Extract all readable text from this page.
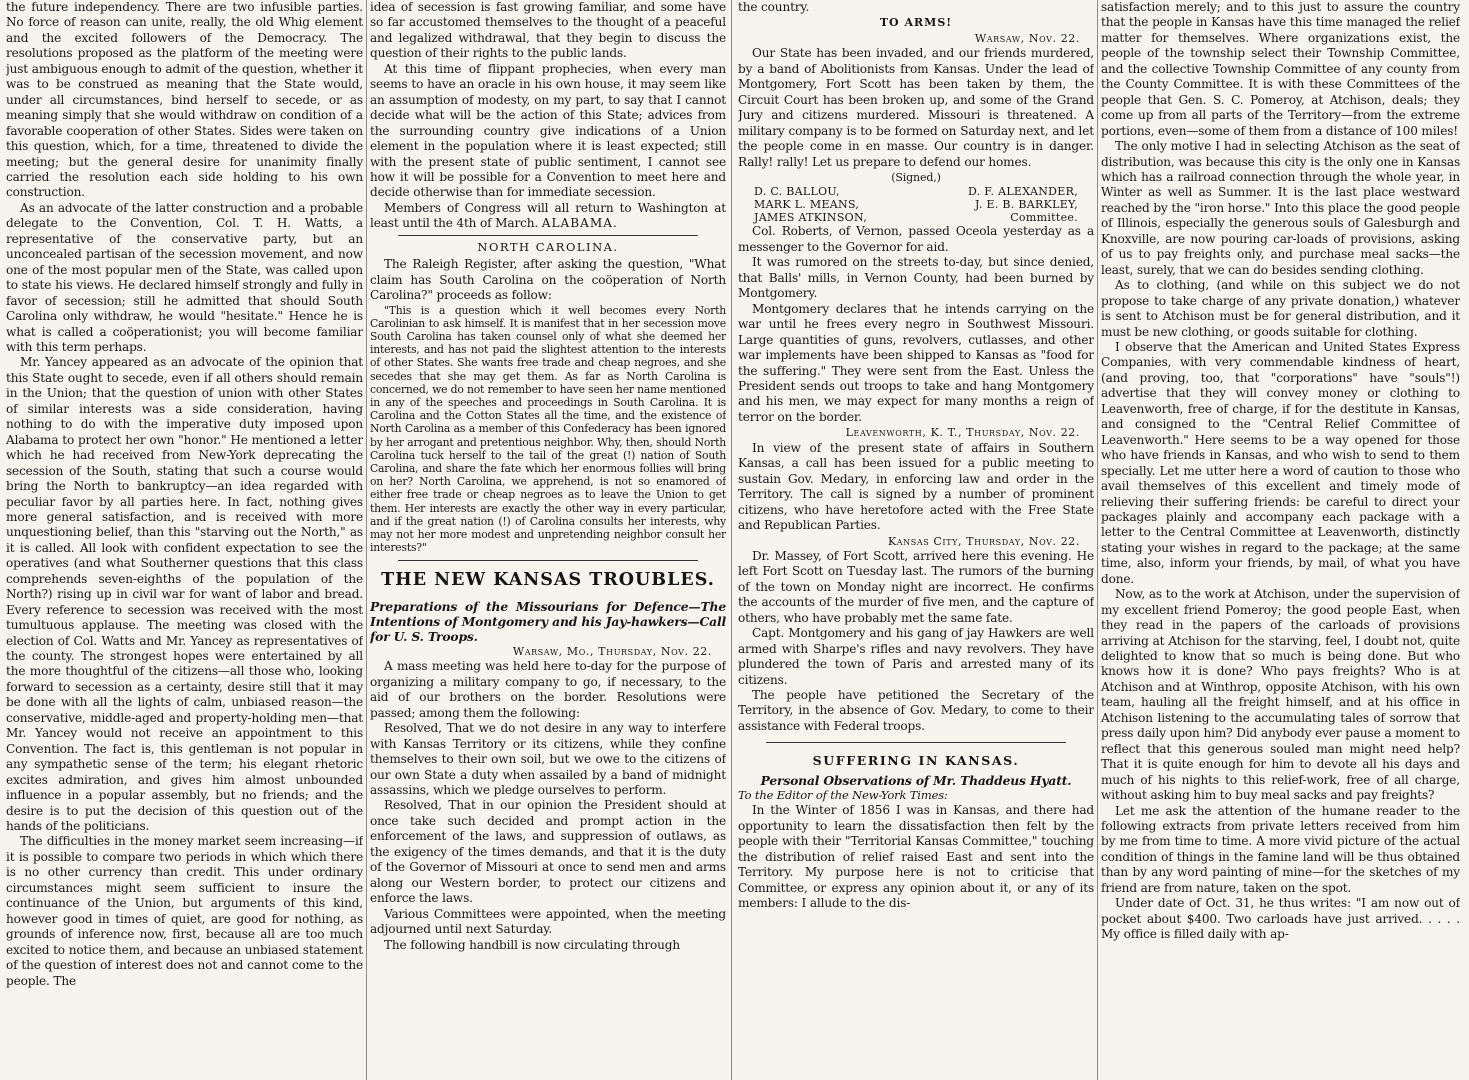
the future independency. There are two infusible parties. No force of reason can unite, really, the old Whig element and the excited followers of the Democracy. The resolutions proposed as the platform of the meeting were just ambiguous enough to admit of the question, whether it was to be construed as meaning that the State would, under all circumstances, bind herself to secede, or as meaning simply that she would withdraw on condition of a favorable cooperation of other States. Sides were taken on this question, which, for a time, threatened to divide the meeting; but the general desire for unanimity finally carried the resolution each side holding to his own construction.

As an advocate of the latter construction and a probable delegate to the Convention, Col. T. H. Watts, a representative of the conservative party, but an unconcealed partisan of the secession movement, and now one of the most popular men of the State, was called upon to state his views. He declared himself strongly and fully in favor of secession; still he admitted that should South Carolina only withdraw, he would "hesitate." Hence he is what is called a coöperationist; you will become familiar with this term perhaps.

Mr. Yancey appeared as an advocate of the opinion that this State ought to secede, even if all others should remain in the Union; that the question of union with other States of similar interests was a side consideration, having nothing to do with the imperative duty imposed upon Alabama to protect her own "honor." He mentioned a letter which he had received from New-York deprecating the secession of the South, stating that such a course would bring the North to bankruptcy—an idea regarded with peculiar favor by all parties here. In fact, nothing gives more general satisfaction, and is received with more unquestioning belief, than this "starving out the North," as it is called. All look with confident expectation to see the operatives (and what Southerner questions that this class comprehends seven-eighths of the population of the North?) rising up in civil war for want of labor and bread. Every reference to secession was received with the most tumultuous applause. The meeting was closed with the election of Col. Watts and Mr. Yancey as representatives of the county. The strongest hopes were entertained by all the more thoughtful of the citizens—all those who, looking forward to secession as a certainty, desire still that it may be done with all the lights of calm, unbiased reason—the conservative, middle-aged and property-holding men—that Mr. Yancey would not receive an appointment to this Convention. The fact is, this gentleman is not popular in any sympathetic sense of the term; his elegant rhetoric excites admiration, and gives him almost unbounded influence in a popular assembly, but no friends; and the desire is to put the decision of this question out of the hands of the politicians.

The difficulties in the money market seem increasing—if it is possible to compare two periods in which which there is no other currency than credit. This under ordinary circumstances might seem sufficient to insure the continuance of the Union, but arguments of this kind, however good in times of quiet, are good for nothing, as grounds of inference now, first, because all are too much excited to notice them, and because an unbiased statement of the question of interest does not and cannot come to the people. The

idea of secession is fast growing familiar, and some have so far accustomed themselves to the thought of a peaceful and legalized withdrawal, that they begin to discuss the question of their rights to the public lands.

At this time of flippant prophecies, when every man seems to have an oracle in his own house, it may seem like an assumption of modesty, on my part, to say that I cannot decide what will be the action of this State; advices from the surrounding country give indications of a Union element in the population where it is least expected; still with the present state of public sentiment, I cannot see how it will be possible for a Convention to meet here and decide otherwise than for immediate secession.

Members of Congress will all return to Washington at least until the 4th of March. ALABAMA.

NORTH CAROLINA.

The Raleigh Register, after asking the question, "What claim has South Carolina on the coöperation of North Carolina?" proceeds as follow:

"This is a question which it well becomes every North Carolinian to ask himself. It is manifest that in her secession move South Carolina has taken counsel only of what she deemed her interests, and has not paid the slightest attention to the interests of other States. She wants free trade and cheap negroes, and she secedes that she may get them. As far as North Carolina is concerned, we do not remember to have seen her name mentioned in any of the speeches and proceedings in South Carolina. It is Carolina and the Cotton States all the time, and the existence of North Carolina as a member of this Confederacy has been ignored by her arrogant and pretentious neighbor. Why, then, should North Carolina tuck herself to the tail of the great (!) nation of South Carolina, and share the fate which her enormous follies will bring on her? North Carolina, we apprehend, is not so enamored of either free trade or cheap negroes as to leave the Union to get them. Her interests are exactly the other way in every particular, and if the great nation (!) of Carolina consults her interests, why may not her more modest and unpretending neighbor consult her interests?"

THE NEW KANSAS TROUBLES.
Preparations of the Missourians for Defence—The Intentions of Montgomery and his Jay-hawkers—Call for U. S. Troops.
Warsaw, Mo., Thursday, Nov. 22.

A mass meeting was held here to-day for the purpose of organizing a military company to go, if necessary, to the aid of our brothers on the border. Resolutions were passed; among them the following:

Resolved, That we do not desire in any way to interfere with Kansas Territory or its citizens, while they confine themselves to their own soil, but we owe to the citizens of our own State a duty when assailed by a band of midnight assassins, which we pledge ourselves to perform.

Resolved, That in our opinion the President should at once take such decided and prompt action in the enforcement of the laws, and suppression of outlaws, as the exigency of the times demands, and that it is the duty of the Governor of Missouri at once to send men and arms along our Western border, to protect our citizens and enforce the laws.

Various Committees were appointed, when the meeting adjourned until next Saturday.

The following handbill is now circulating through

the country.

TO ARMS!
Warsaw, Nov. 22.

Our State has been invaded, and our friends murdered, by a band of Abolitionists from Kansas. Under the lead of Montgomery, Fort Scott has been taken by them, the Circuit Court has been broken up, and some of the Grand Jury and citizens murdered. Missouri is threatened. A military company is to be formed on Saturday next, and let the people come in en masse. Our country is in danger. Rally! rally! Let us prepare to defend our homes.

(Signed,)
D. C. BALLOU,
MARK L. MEANS,
JAMES ATKINSON,
D. F. ALEXANDER,
J. E. B. BARKLEY,
Committee.

Col. Roberts, of Vernon, passed Oceola yesterday as a messenger to the Governor for aid.

It was rumored on the streets to-day, but since denied, that Balls' mills, in Vernon County, had been burned by Montgomery.

Montgomery declares that he intends carrying on the war until he frees every negro in Southwest Missouri. Large quantities of guns, revolvers, cutlasses, and other war implements have been shipped to Kansas as "food for the suffering." They were sent from the East. Unless the President sends out troops to take and hang Montgomery and his men, we may expect for many months a reign of terror on the border.

Leavenworth, K. T., Thursday, Nov. 22.

In view of the present state of affairs in Southern Kansas, a call has been issued for a public meeting to sustain Gov. Medary, in enforcing law and order in the Territory. The call is signed by a number of prominent citizens, who have heretofore acted with the Free State and Republican Parties.

Kansas City, Thursday, Nov. 22.

Dr. Massey, of Fort Scott, arrived here this evening. He left Fort Scott on Tuesday last. The rumors of the burning of the town on Monday night are incorrect. He confirms the accounts of the murder of five men, and the capture of others, who have probably met the same fate.

Capt. Montgomery and his gang of jay Hawkers are well armed with Sharpe's rifles and navy revolvers. They have plundered the town of Paris and arrested many of its citizens.

The people have petitioned the Secretary of the Territory, in the absence of Gov. Medary, to come to their assistance with Federal troops.

SUFFERING IN KANSAS.
Personal Observations of Mr. Thaddeus Hyatt.
To the Editor of the New-York Times:

In the Winter of 1856 I was in Kansas, and there had opportunity to learn the dissatisfaction then felt by the people with their "Territorial Kansas Committee," touching the distribution of relief raised East and sent into the Territory. My purpose here is not to criticise that Committee, or express any opinion about it, or any of its members: I allude to the dis-

satisfaction merely; and to this just to assure the country that the people in Kansas have this time managed the relief matter for themselves. Where organizations exist, the people of the township select their Township Committee, and the collective Township Committee of any county from the County Committee. It is with these Committees of the people that Gen. S. C. Pomeroy, at Atchison, deals; they come up from all parts of the Territory—from the extreme portions, even—some of them from a distance of 100 miles!

The only motive I had in selecting Atchison as the seat of distribution, was because this city is the only one in Kansas which has a railroad connection through the whole year, in Winter as well as Summer. It is the last place westward reached by the "iron horse." Into this place the good people of Illinois, especially the generous souls of Galesburgh and Knoxville, are now pouring car-loads of provisions, asking of us to pay freights only, and purchase meal sacks—the least, surely, that we can do besides sending clothing.

As to clothing, (and while on this subject we do not propose to take charge of any private donation,) whatever is sent to Atchison must be for general distribution, and it must be new clothing, or goods suitable for clothing.

I observe that the American and United States Express Companies, with very commendable kindness of heart, (and proving, too, that "corporations" have "souls"!) advertise that they will convey money or clothing to Leavenworth, free of charge, if for the destitute in Kansas, and consigned to the "Central Relief Committee of Leavenworth." Here seems to be a way opened for those who have friends in Kansas, and who wish to send to them specially. Let me utter here a word of caution to those who avail themselves of this excellent and timely mode of relieving their suffering friends: be careful to direct your packages plainly and accompany each package with a letter to the Central Committee at Leavenworth, distinctly stating your wishes in regard to the package; at the same time, also, inform your friends, by mail, of what you have done.

Now, as to the work at Atchison, under the supervision of my excellent friend Pomeroy; the good people East, when they read in the papers of the carloads of provisions arriving at Atchison for the starving, feel, I doubt not, quite delighted to know that so much is being done. But who knows how it is done? Who pays freights? Who is at Atchison and at Winthrop, opposite Atchison, with his own team, hauling all the freight himself, and at his office in Atchison listening to the accumulating tales of sorrow that press daily upon him? Did anybody ever pause a moment to reflect that this generous souled man might need help? That it is quite enough for him to devote all his days and much of his nights to this relief-work, free of all charge, without asking him to buy meal sacks and pay freights?

Let me ask the attention of the humane reader to the following extracts from private letters received from him by me from time to time. A more vivid picture of the actual condition of things in the famine land will be thus obtained than by any word painting of mine—for the sketches of my friend are from nature, taken on the spot.

Under date of Oct. 31, he thus writes: "I am now out of pocket about $400. Two carloads have just arrived. . . . . My office is filled daily with ap-
